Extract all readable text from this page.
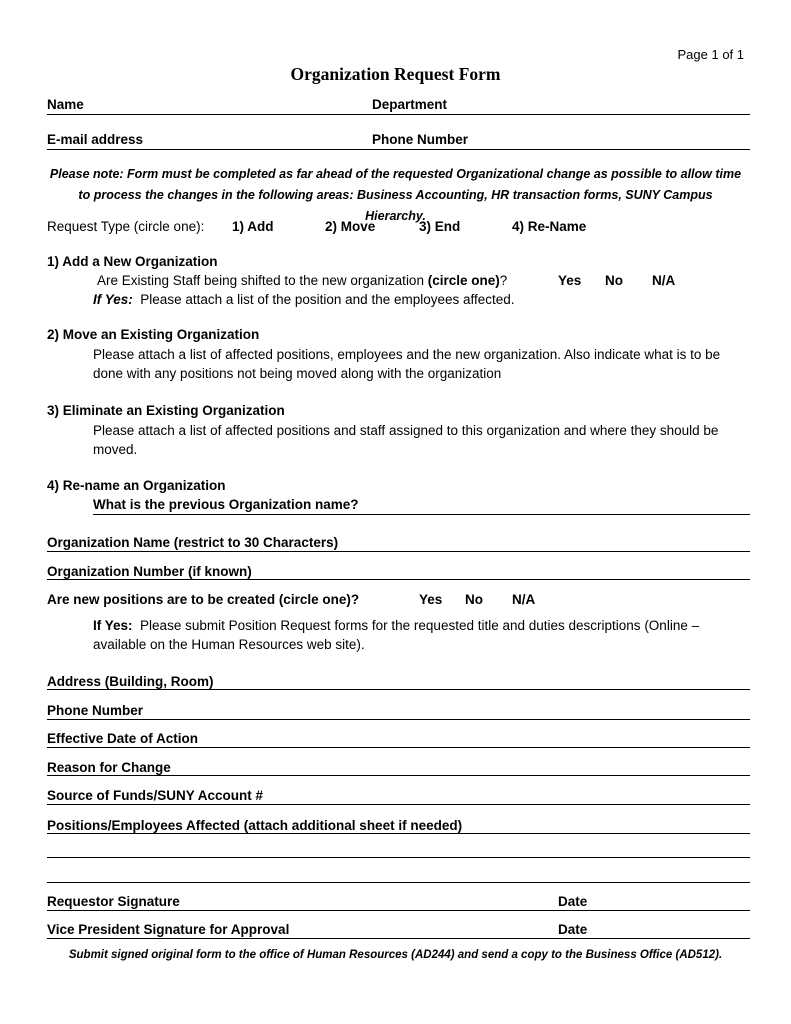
Page 1 of 1
Organization Request Form
Name	Department
E-mail address	Phone Number
Please note: Form must be completed as far ahead of the requested Organizational change as possible to allow time to process the changes in the following areas: Business Accounting, HR transaction forms, SUNY Campus Hierarchy.
Request Type (circle one): 1) Add	2) Move	3) End	4) Re-Name
1) Add a New Organization
Are Existing Staff being shifted to the new organization (circle one)?	Yes No N/A
If Yes: Please attach a list of the position and the employees affected.
2) Move an Existing Organization
Please attach a list of affected positions, employees and the new organization. Also indicate what is to be done with any positions not being moved along with the organization
3) Eliminate an Existing Organization
Please attach a list of affected positions and staff assigned to this organization and where they should be moved.
4) Re-name an Organization
What is the previous Organization name?
Organization Name (restrict to 30 Characters)
Organization Number (if known)
Are new positions are to be created (circle one)?	Yes No N/A
If Yes: Please submit Position Request forms for the requested title and duties descriptions (Online – available on the Human Resources web site).
Address (Building, Room)
Phone Number
Effective Date of Action
Reason for Change
Source of Funds/SUNY Account #
Positions/Employees Affected (attach additional sheet if needed)
Requestor Signature	Date
Vice President Signature for Approval	Date
Submit signed original form to the office of Human Resources (AD244) and send a copy to the Business Office (AD512).
